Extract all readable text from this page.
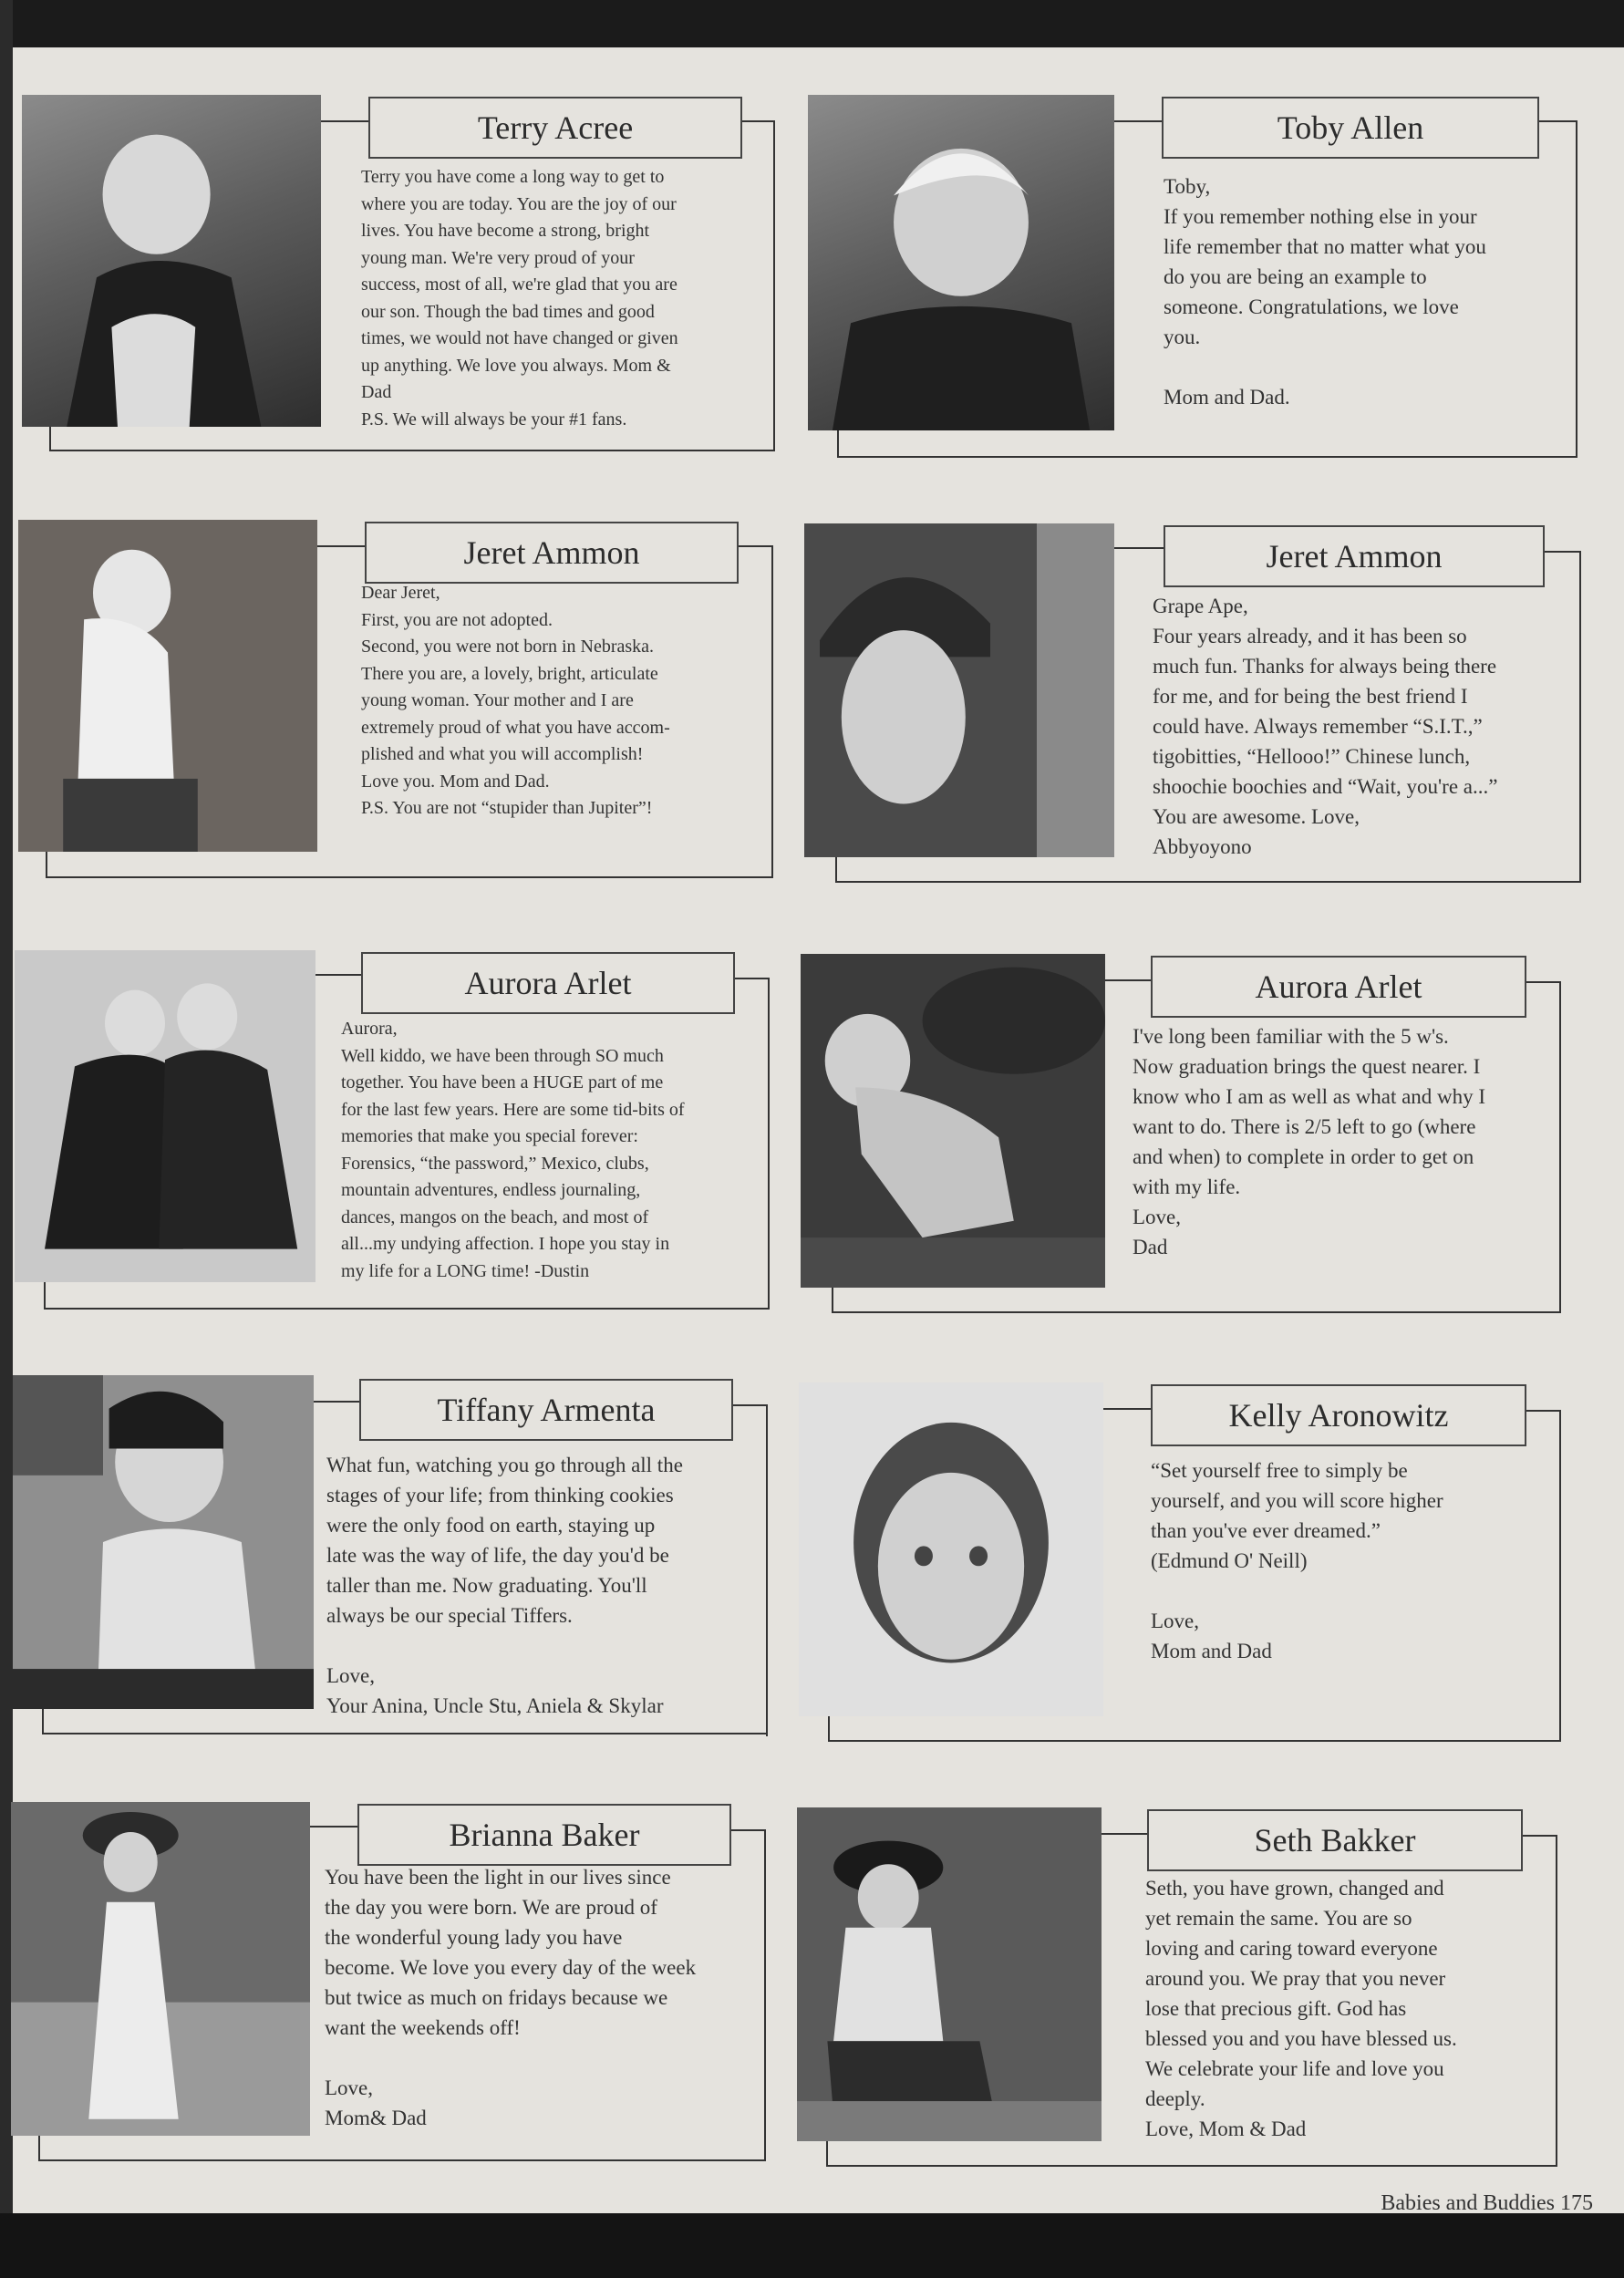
Terry Acree
Terry you have come a long way to get to
where you are today. You are the joy of our
lives. You have become a strong, bright
young man. We're very proud of your
success, most of all, we're glad that you are
our son. Though the bad times and good
times, we would not have changed or given
up anything. We love you always. Mom &
Dad
P.S. We will always be your #1 fans.
Toby Allen
Toby,
If you remember nothing else in your
life remember that no matter what you
do you are being an example to
someone. Congratulations, we love
you.

Mom and Dad.
Jeret Ammon
Dear Jeret,
First, you are not adopted.
Second, you were not born in Nebraska.
There you are, a lovely, bright, articulate
young woman. Your mother and I are
extremely proud of what you have accom-
plished and what you will accomplish!
Love you. Mom and Dad.
P.S. You are not “stupider than Jupiter”!
Jeret Ammon
Grape Ape,
Four years already, and it has been so
much fun. Thanks for always being there
for me, and for being the best friend I
could have. Always remember “S.I.T.,”
tigobitties, “Hellooo!” Chinese lunch,
shoochie boochies and “Wait, you're a...”
You are awesome. Love,
Abbyoyono
Aurora Arlet
Aurora,
Well kiddo, we have been through SO much
together. You have been a HUGE part of me
for the last few years. Here are some tid-bits of
memories that make you special forever:
Forensics, “the password,” Mexico, clubs,
mountain adventures, endless journaling,
dances, mangos on the beach, and most of
all...my undying affection. I hope you stay in
my life for a LONG time! -Dustin
Aurora Arlet
I've long been familiar with the 5 w's.
Now graduation brings the quest nearer. I
know who I am as well as what and why I
want to do. There is 2/5 left to go (where
and when) to complete in order to get on
with my life.
Love,
Dad
Tiffany Armenta
What fun, watching you go through all the
stages of your life; from thinking cookies
were the only food on earth, staying up
late was the way of life, the day you'd be
taller than me. Now graduating. You'll
always be our special Tiffers.

Love,
Your Anina, Uncle Stu, Aniela & Skylar
Kelly Aronowitz
“Set yourself free to simply be
yourself, and you will score higher
than you've ever dreamed.”
(Edmund O' Neill)

Love,
Mom and Dad
Brianna Baker
You have been the light in our lives since
the day you were born. We are proud of
the wonderful young lady you have
become. We love you every day of the week
but twice as much on fridays because we
want the weekends off!

Love,
Mom& Dad
Seth Bakker
Seth, you have grown, changed and
yet remain the same. You are so
loving and caring toward everyone
around you. We pray that you never
lose that precious gift. God has
blessed you and you have blessed us.
We celebrate your life and love you
deeply.
Love, Mom & Dad
Babies and Buddies 175
